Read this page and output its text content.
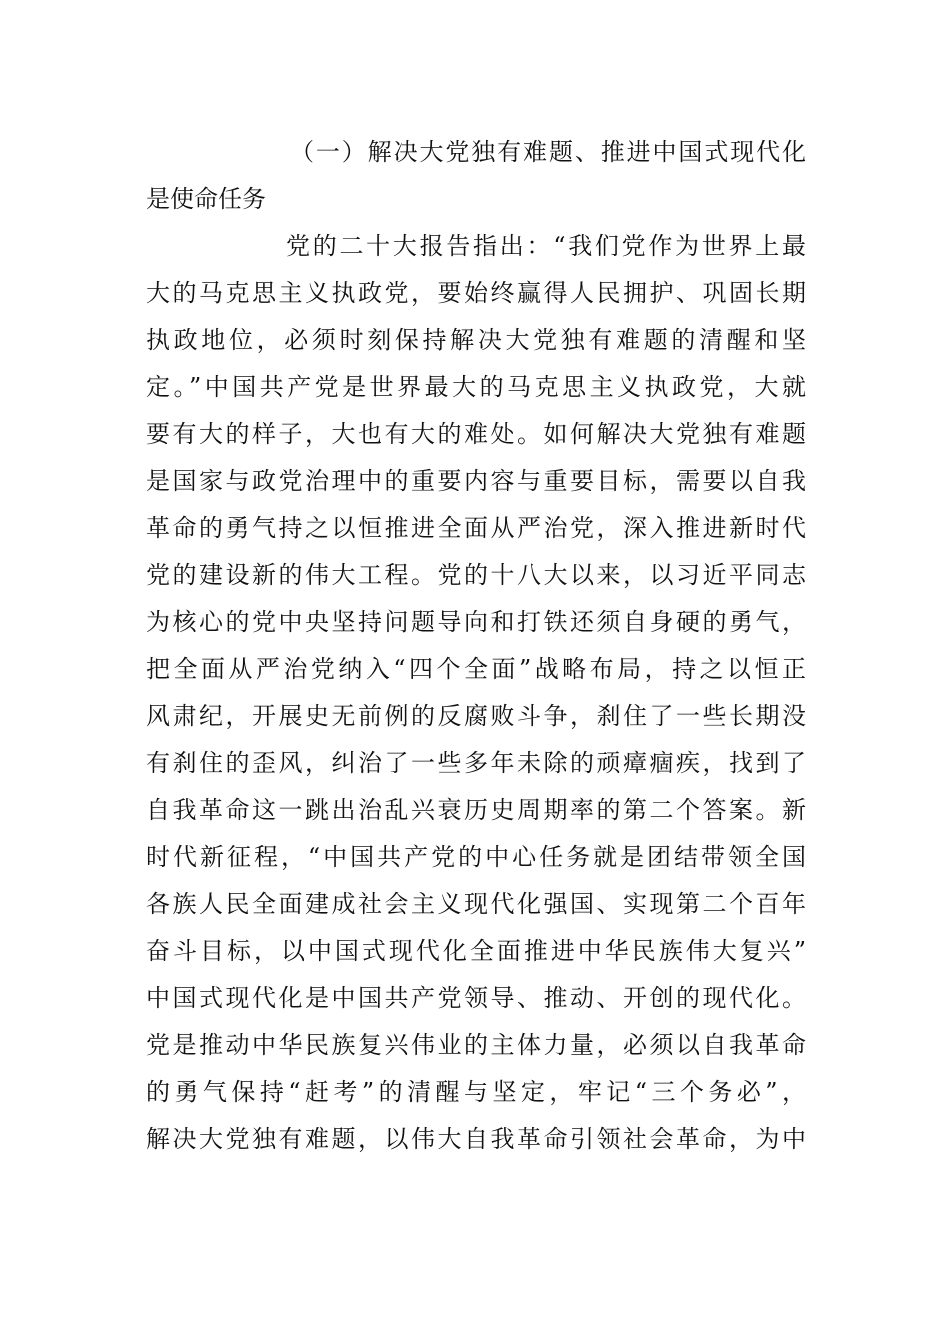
（一）解决大党独有难题、推进中国式现代化
是使命任务
党的二十大报告指出：“我们党作为世界上最
大的马克思主义执政党，要始终赢得人民拥护、巩固长期
执政地位，必须时刻保持解决大党独有难题的清醒和坚
定。”中国共产党是世界最大的马克思主义执政党，大就
要有大的样子，大也有大的难处。如何解决大党独有难题
是国家与政党治理中的重要内容与重要目标，需要以自我
革命的勇气持之以恒推进全面从严治党，深入推进新时代
党的建设新的伟大工程。党的十八大以来，以习近平同志
为核心的党中央坚持问题导向和打铁还须自身硬的勇气，
把全面从严治党纳入“四个全面”战略布局，持之以恒正
风肃纪，开展史无前例的反腐败斗争，刹住了一些长期没
有刹住的歪风，纠治了一些多年未除的顽瘴痼疾，找到了
自我革命这一跳出治乱兴衰历史周期率的第二个答案。新
时代新征程，“中国共产党的中心任务就是团结带领全国
各族人民全面建成社会主义现代化强国、实现第二个百年
奋斗目标，以中国式现代化全面推进中华民族伟大复兴”
中国式现代化是中国共产党领导、推动、开创的现代化。
党是推动中华民族复兴伟业的主体力量，必须以自我革命
的勇气保持“赶考”的清醒与坚定，牢记“三个务必”，
解决大党独有难题，以伟大自我革命引领社会革命，为中
